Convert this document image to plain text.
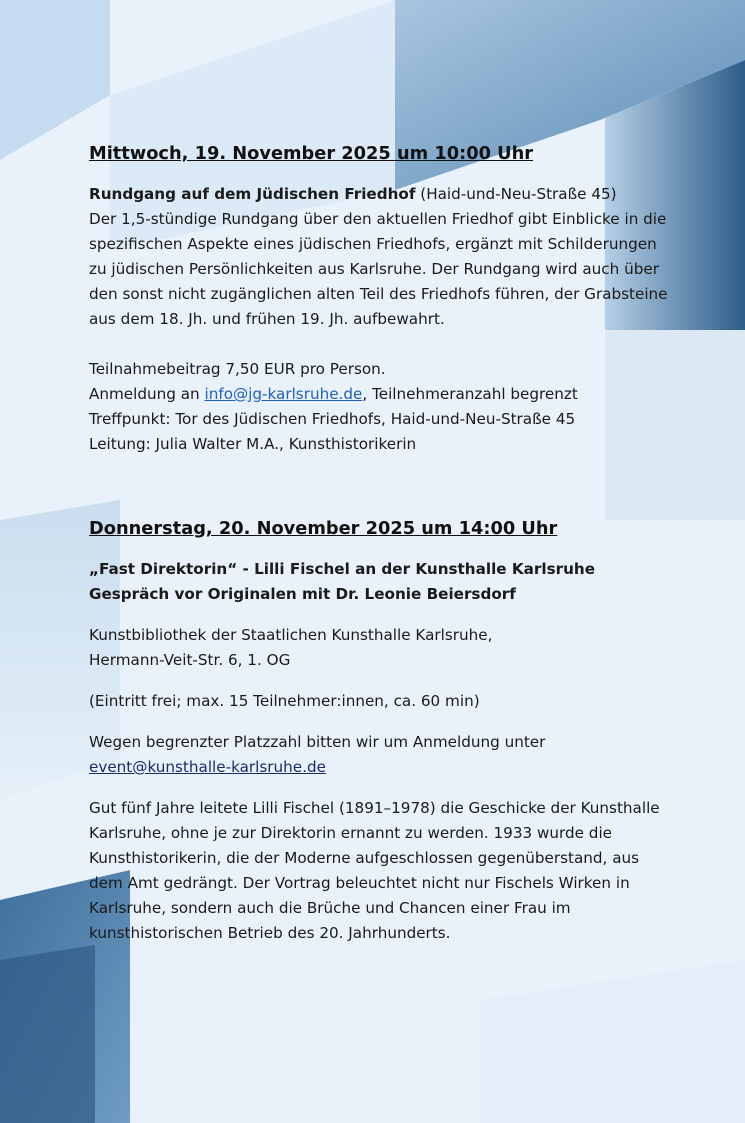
Mittwoch, 19. November 2025 um 10:00 Uhr

Rundgang auf dem Jüdischen Friedhof (Haid-und-Neu-Straße 45)

Der 1,5-stündige Rundgang über den aktuellen Friedhof gibt Einblicke in die spezifischen Aspekte eines jüdischen Friedhofs, ergänzt mit Schilderungen zu jüdischen Persönlichkeiten aus Karlsruhe. Der Rundgang wird auch über den sonst nicht zugänglichen alten Teil des Friedhofs führen, der Grabsteine aus dem 18. Jh. und frühen 19. Jh. aufbewahrt.

Teilnahmebeitrag 7,50 EUR pro Person.

Anmeldung an info@jg-karlsruhe.de, Teilnehmeranzahl begrenzt

Treffpunkt: Tor des Jüdischen Friedhofs, Haid-und-Neu-Straße 45

Leitung: Julia Walter M.A., Kunsthistorikerin

Donnerstag, 20. November 2025 um 14:00 Uhr

„Fast Direktorin“ - Lilli Fischel an der Kunsthalle Karlsruhe

Gespräch vor Originalen mit Dr. Leonie Beiersdorf

Kunstbibliothek der Staatlichen Kunsthalle Karlsruhe,

Hermann-Veit-Str. 6, 1. OG

(Eintritt frei; max. 15 Teilnehmer:innen, ca. 60 min)

Wegen begrenzter Platzzahl bitten wir um Anmeldung unter

event@kunsthalle-karlsruhe.de

Gut fünf Jahre leitete Lilli Fischel (1891–1978) die Geschicke der Kunsthalle Karlsruhe, ohne je zur Direktorin ernannt zu werden. 1933 wurde die Kunsthistorikerin, die der Moderne aufgeschlossen gegenüberstand, aus dem Amt gedrängt. Der Vortrag beleuchtet nicht nur Fischels Wirken in Karlsruhe, sondern auch die Brüche und Chancen einer Frau im kunsthistorischen Betrieb des 20. Jahrhunderts.
